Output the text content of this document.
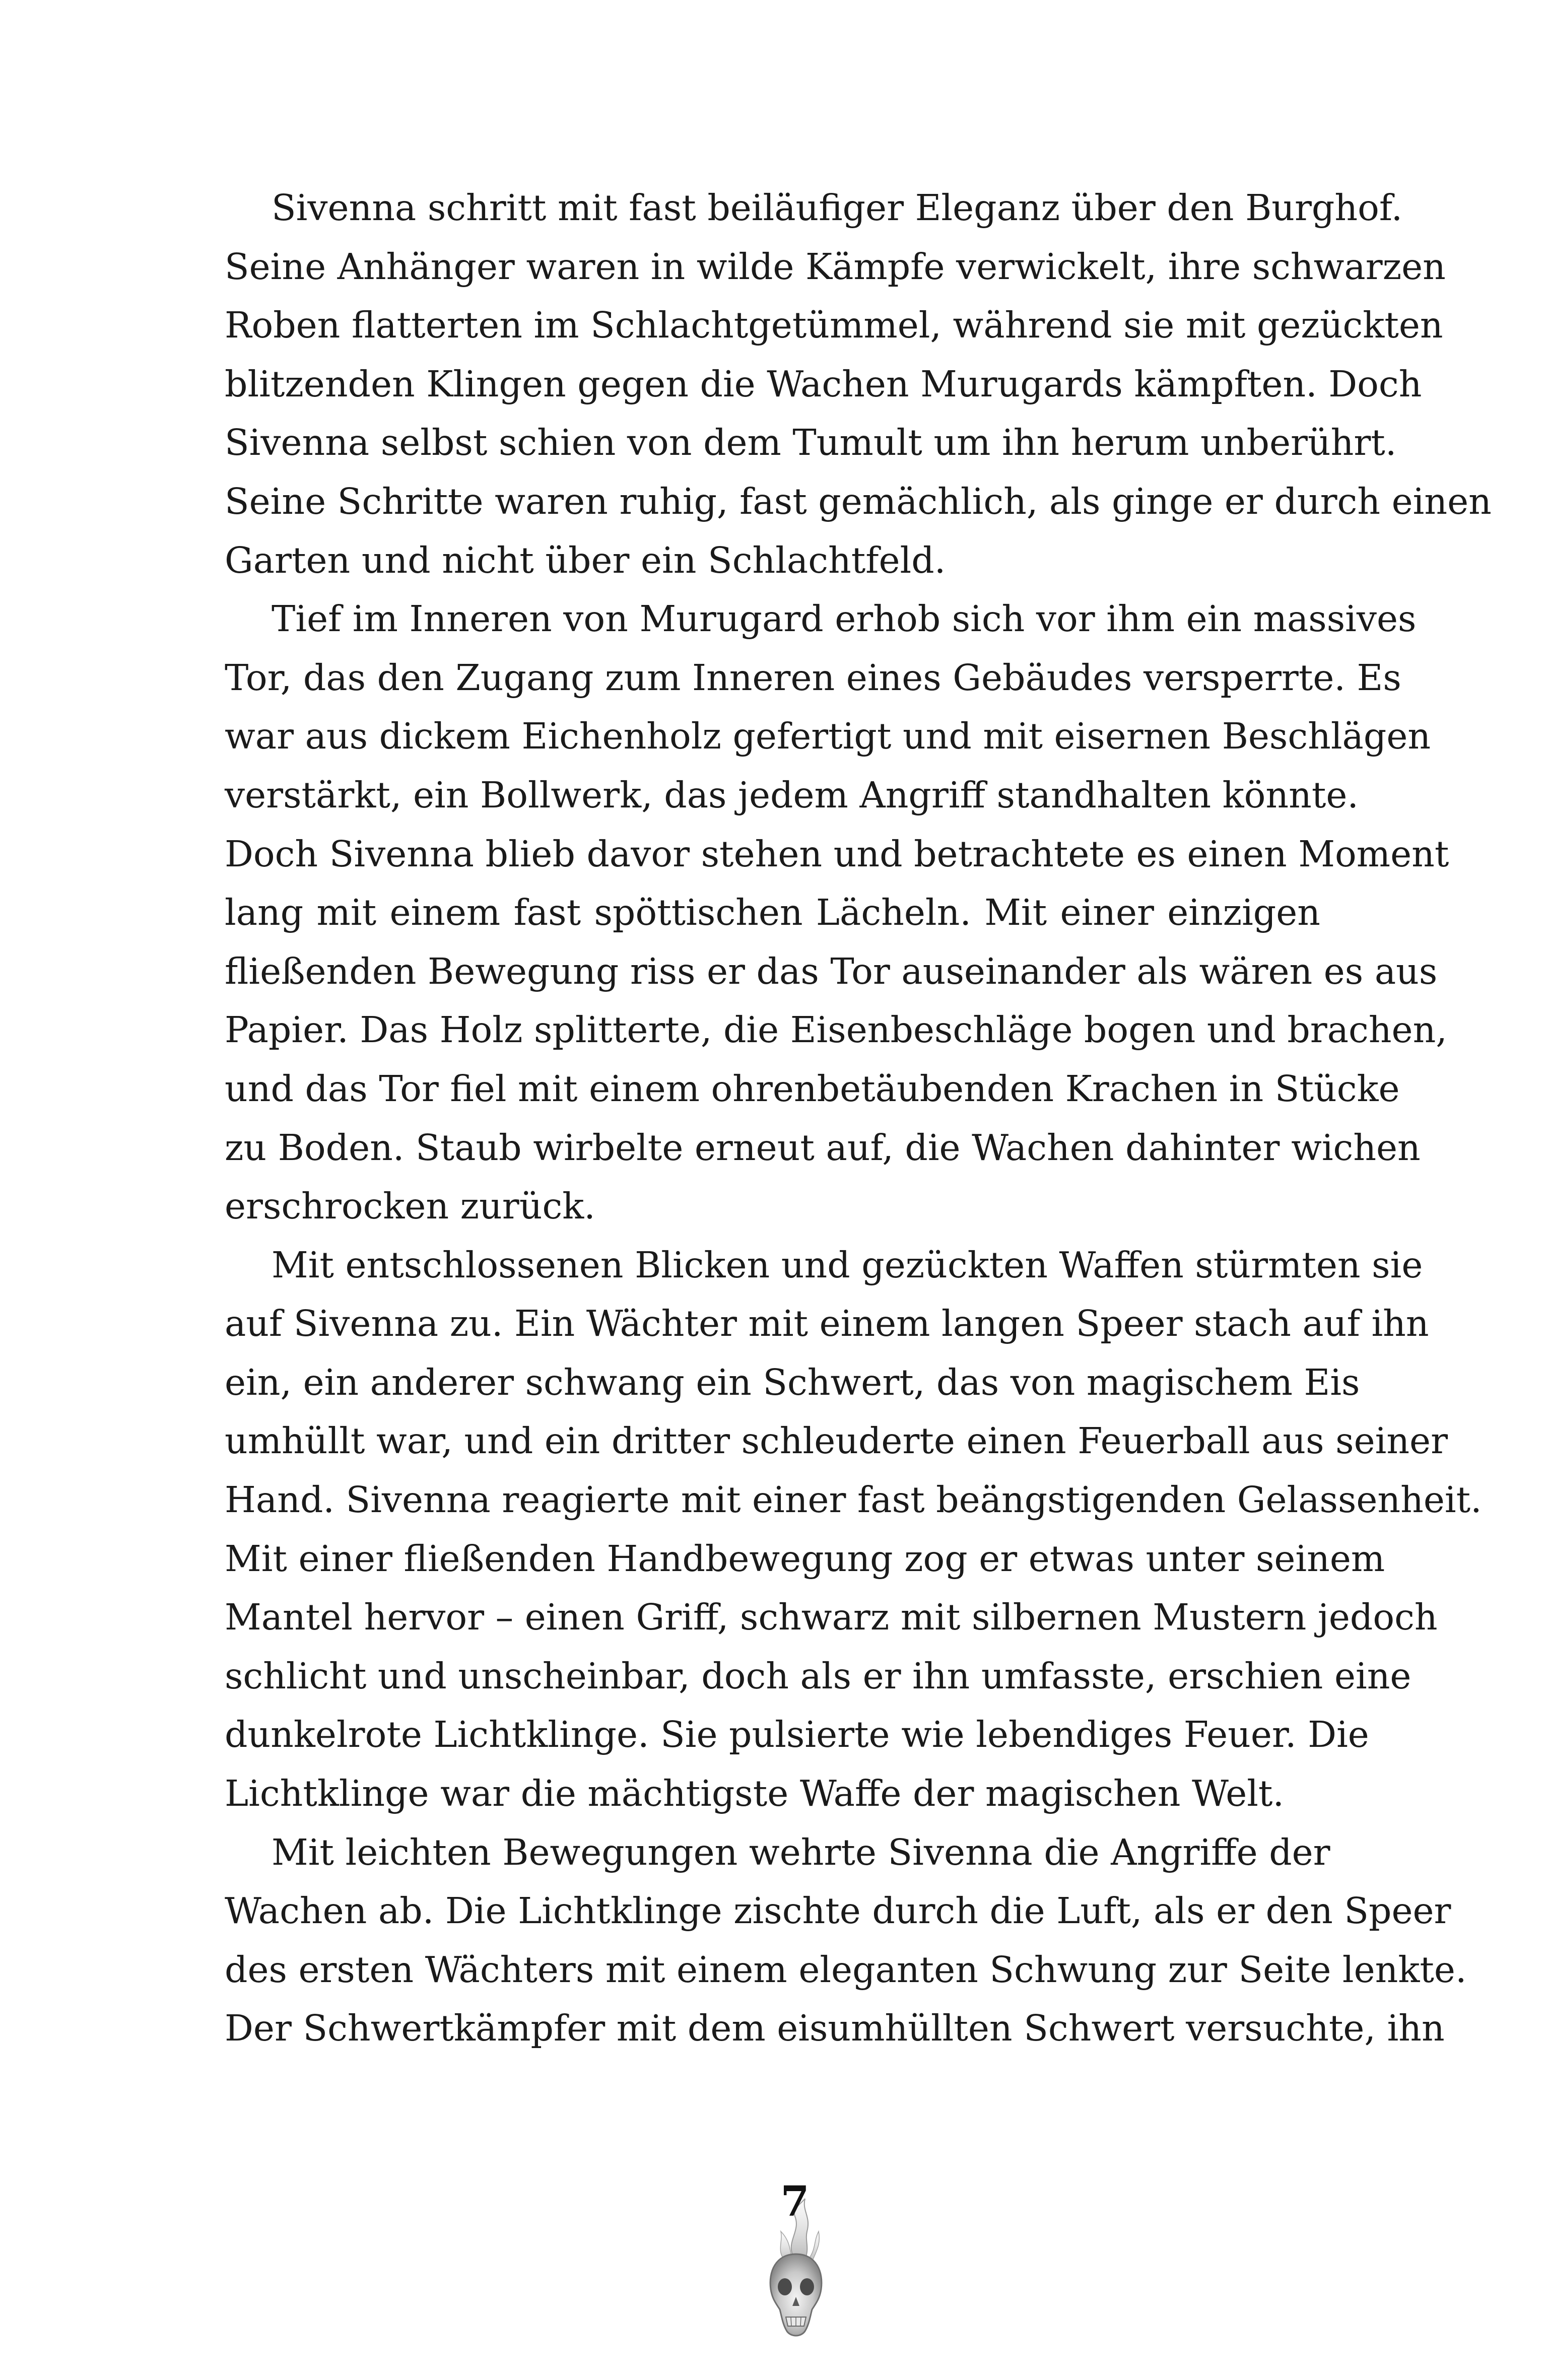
Sivenna schritt mit fast beiläufiger Eleganz über den Burghof.
Seine Anhänger waren in wilde Kämpfe verwickelt, ihre schwarzen
Roben flatterten im Schlachtgetümmel, während sie mit gezückten
blitzenden Klingen gegen die Wachen Murugards kämpften. Doch
Sivenna selbst schien von dem Tumult um ihn herum unberührt.
Seine Schritte waren ruhig, fast gemächlich, als ginge er durch einen
Garten und nicht über ein Schlachtfeld.
Tief im Inneren von Murugard erhob sich vor ihm ein massives
Tor, das den Zugang zum Inneren eines Gebäudes versperrte. Es
war aus dickem Eichenholz gefertigt und mit eisernen Beschlägen
verstärkt, ein Bollwerk, das jedem Angriff standhalten könnte.
Doch Sivenna blieb davor stehen und betrachtete es einen Moment
lang mit einem fast spöttischen Lächeln. Mit einer einzigen
fließenden Bewegung riss er das Tor auseinander als wären es aus
Papier. Das Holz splitterte, die Eisenbeschläge bogen und brachen,
und das Tor fiel mit einem ohrenbetäubenden Krachen in Stücke
zu Boden. Staub wirbelte erneut auf, die Wachen dahinter wichen
erschrocken zurück.
Mit entschlossenen Blicken und gezückten Waffen stürmten sie
auf Sivenna zu. Ein Wächter mit einem langen Speer stach auf ihn
ein, ein anderer schwang ein Schwert, das von magischem Eis
umhüllt war, und ein dritter schleuderte einen Feuerball aus seiner
Hand. Sivenna reagierte mit einer fast beängstigenden Gelassenheit.
Mit einer fließenden Handbewegung zog er etwas unter seinem
Mantel hervor – einen Griff, schwarz mit silbernen Mustern jedoch
schlicht und unscheinbar, doch als er ihn umfasste, erschien eine
dunkelrote Lichtklinge. Sie pulsierte wie lebendiges Feuer. Die
Lichtklinge war die mächtigste Waffe der magischen Welt.
Mit leichten Bewegungen wehrte Sivenna die Angriffe der
Wachen ab. Die Lichtklinge zischte durch die Luft, als er den Speer
des ersten Wächters mit einem eleganten Schwung zur Seite lenkte.
Der Schwertkämpfer mit dem eisumhüllten Schwert versuchte, ihn
7
